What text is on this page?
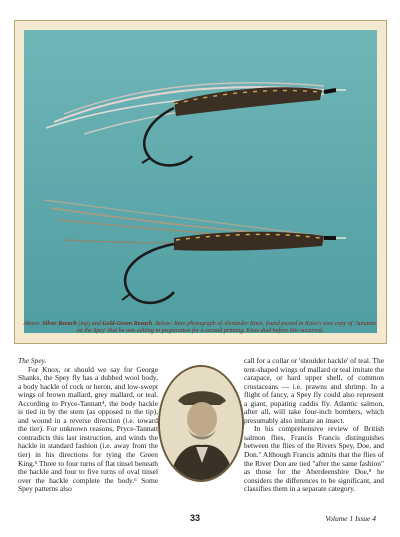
Above: Silver Reeach (top) and Gold-Green Reeach. Below: Rare photograph of Alexander Knox, found pasted in Knox's own copy of 'Autumns on the Spey' that he was editing in preparation for a second printing. Knox died before this occurred.

The Spey.

For Knox, or should we say for George Shanks, the Spey fly has a dubbed wool body, a body hackle of cock or heron, and low-swept wings of brown mallard, grey mallard, or teal. According to Pryce-Tannatt⁴, the body hackle is tied in by the stem (as opposed to the tip), and wound in a reverse direction (i.e. toward the tier). For unknown reasons, Pryce-Tannatt contradicts this last instruction, and winds the hackle in standard fashion (i.e. away from the tier) in his directions for tying the Green King.⁵ Three to four turns of flat tinsel beneath the hackle and four to five turns of oval tinsel over the hackle complete the body.⁶ Some Spey patterns also

call for a collar or 'shoulder hackle' of teal. The tent-shaped wings of mallard or teal imitate the carapace, or hard upper shell, of common crustaceans — i.e. prawns and shrimp. In a flight of fancy, a Spey fly could also represent a giant, pupating caddis fly. Atlantic salmon, after all, will take four-inch bombers, which presumably also imitate an insect.

In his comprehensive review of British salmon flies, Francis Francis distinguishes between the flies of the Rivers Spey, Doe, and Don.⁷ Although Francis admits that the flies of the River Don are tied "after the same fashion" as those for the Aberdeenshire Doe,⁸ he considers the differences to be significant, and classifies them in a separate category.

33	Volume 1 Issue 4
